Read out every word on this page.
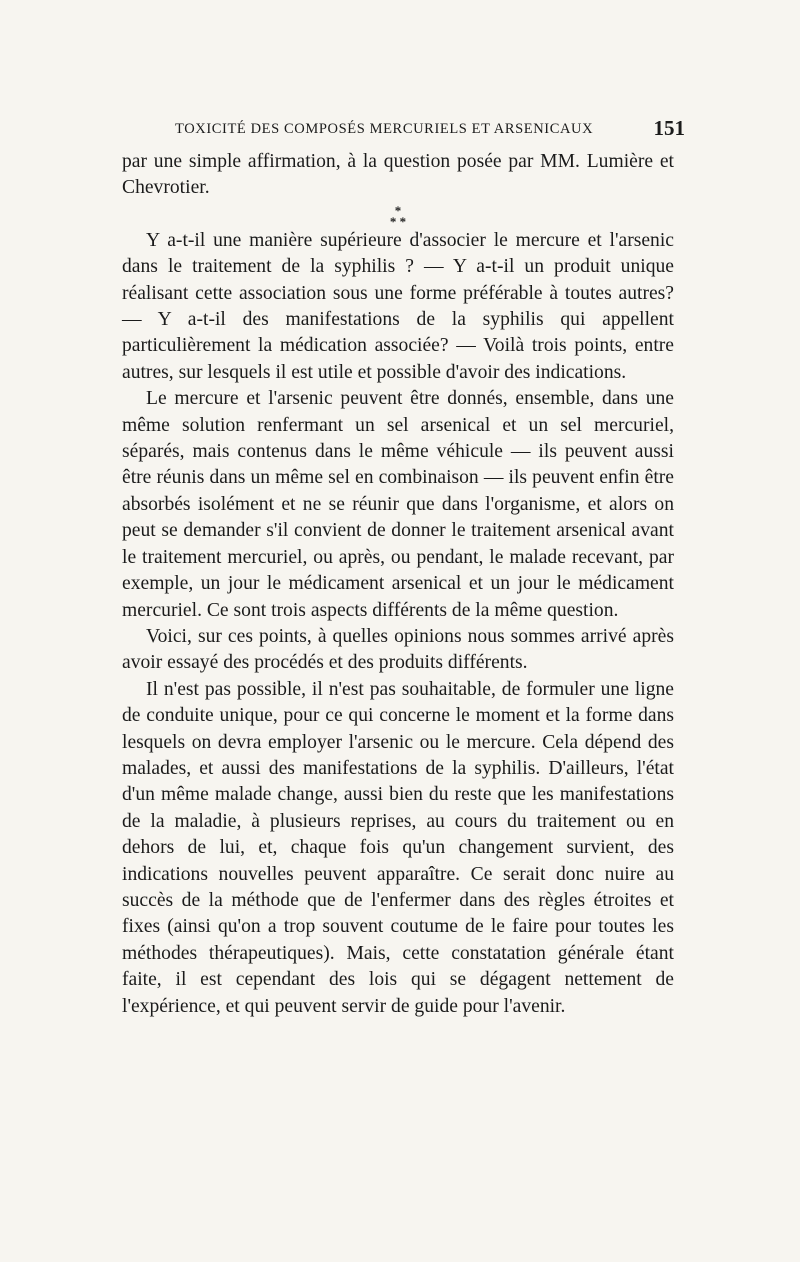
TOXICITÉ DES COMPOSÉS MERCURIELS ET ARSENICAUX	151

par une simple affirmation, à la question posée par MM. Lumière et Chevrotier.

*
* *

Y a-t-il une manière supérieure d'associer le mercure et l'arsenic dans le traitement de la syphilis ? — Y a-t-il un produit unique réalisant cette association sous une forme préférable à toutes autres? — Y a-t-il des manifestations de la syphilis qui appellent particulièrement la médication associée? — Voilà trois points, entre autres, sur lesquels il est utile et possible d'avoir des indications.

Le mercure et l'arsenic peuvent être donnés, ensemble, dans une même solution renfermant un sel arsenical et un sel mercuriel, séparés, mais contenus dans le même véhicule — ils peuvent aussi être réunis dans un même sel en combinaison — ils peuvent enfin être absorbés isolément et ne se réunir que dans l'organisme, et alors on peut se demander s'il convient de donner le traitement arsenical avant le traitement mercuriel, ou après, ou pendant, le malade recevant, par exemple, un jour le médicament arsenical et un jour le médicament mercuriel. Ce sont trois aspects différents de la même question.

Voici, sur ces points, à quelles opinions nous sommes arrivé après avoir essayé des procédés et des produits différents.

Il n'est pas possible, il n'est pas souhaitable, de formuler une ligne de conduite unique, pour ce qui concerne le moment et la forme dans lesquels on devra employer l'arsenic ou le mercure. Cela dépend des malades, et aussi des manifestations de la syphilis. D'ailleurs, l'état d'un même malade change, aussi bien du reste que les manifestations de la maladie, à plusieurs reprises, au cours du traitement ou en dehors de lui, et, chaque fois qu'un changement survient, des indications nouvelles peuvent apparaître. Ce serait donc nuire au succès de la méthode que de l'enfermer dans des règles étroites et fixes (ainsi qu'on a trop souvent coutume de le faire pour toutes les méthodes thérapeutiques). Mais, cette constatation générale étant faite, il est cependant des lois qui se dégagent nettement de l'expérience, et qui peuvent servir de guide pour l'avenir.
